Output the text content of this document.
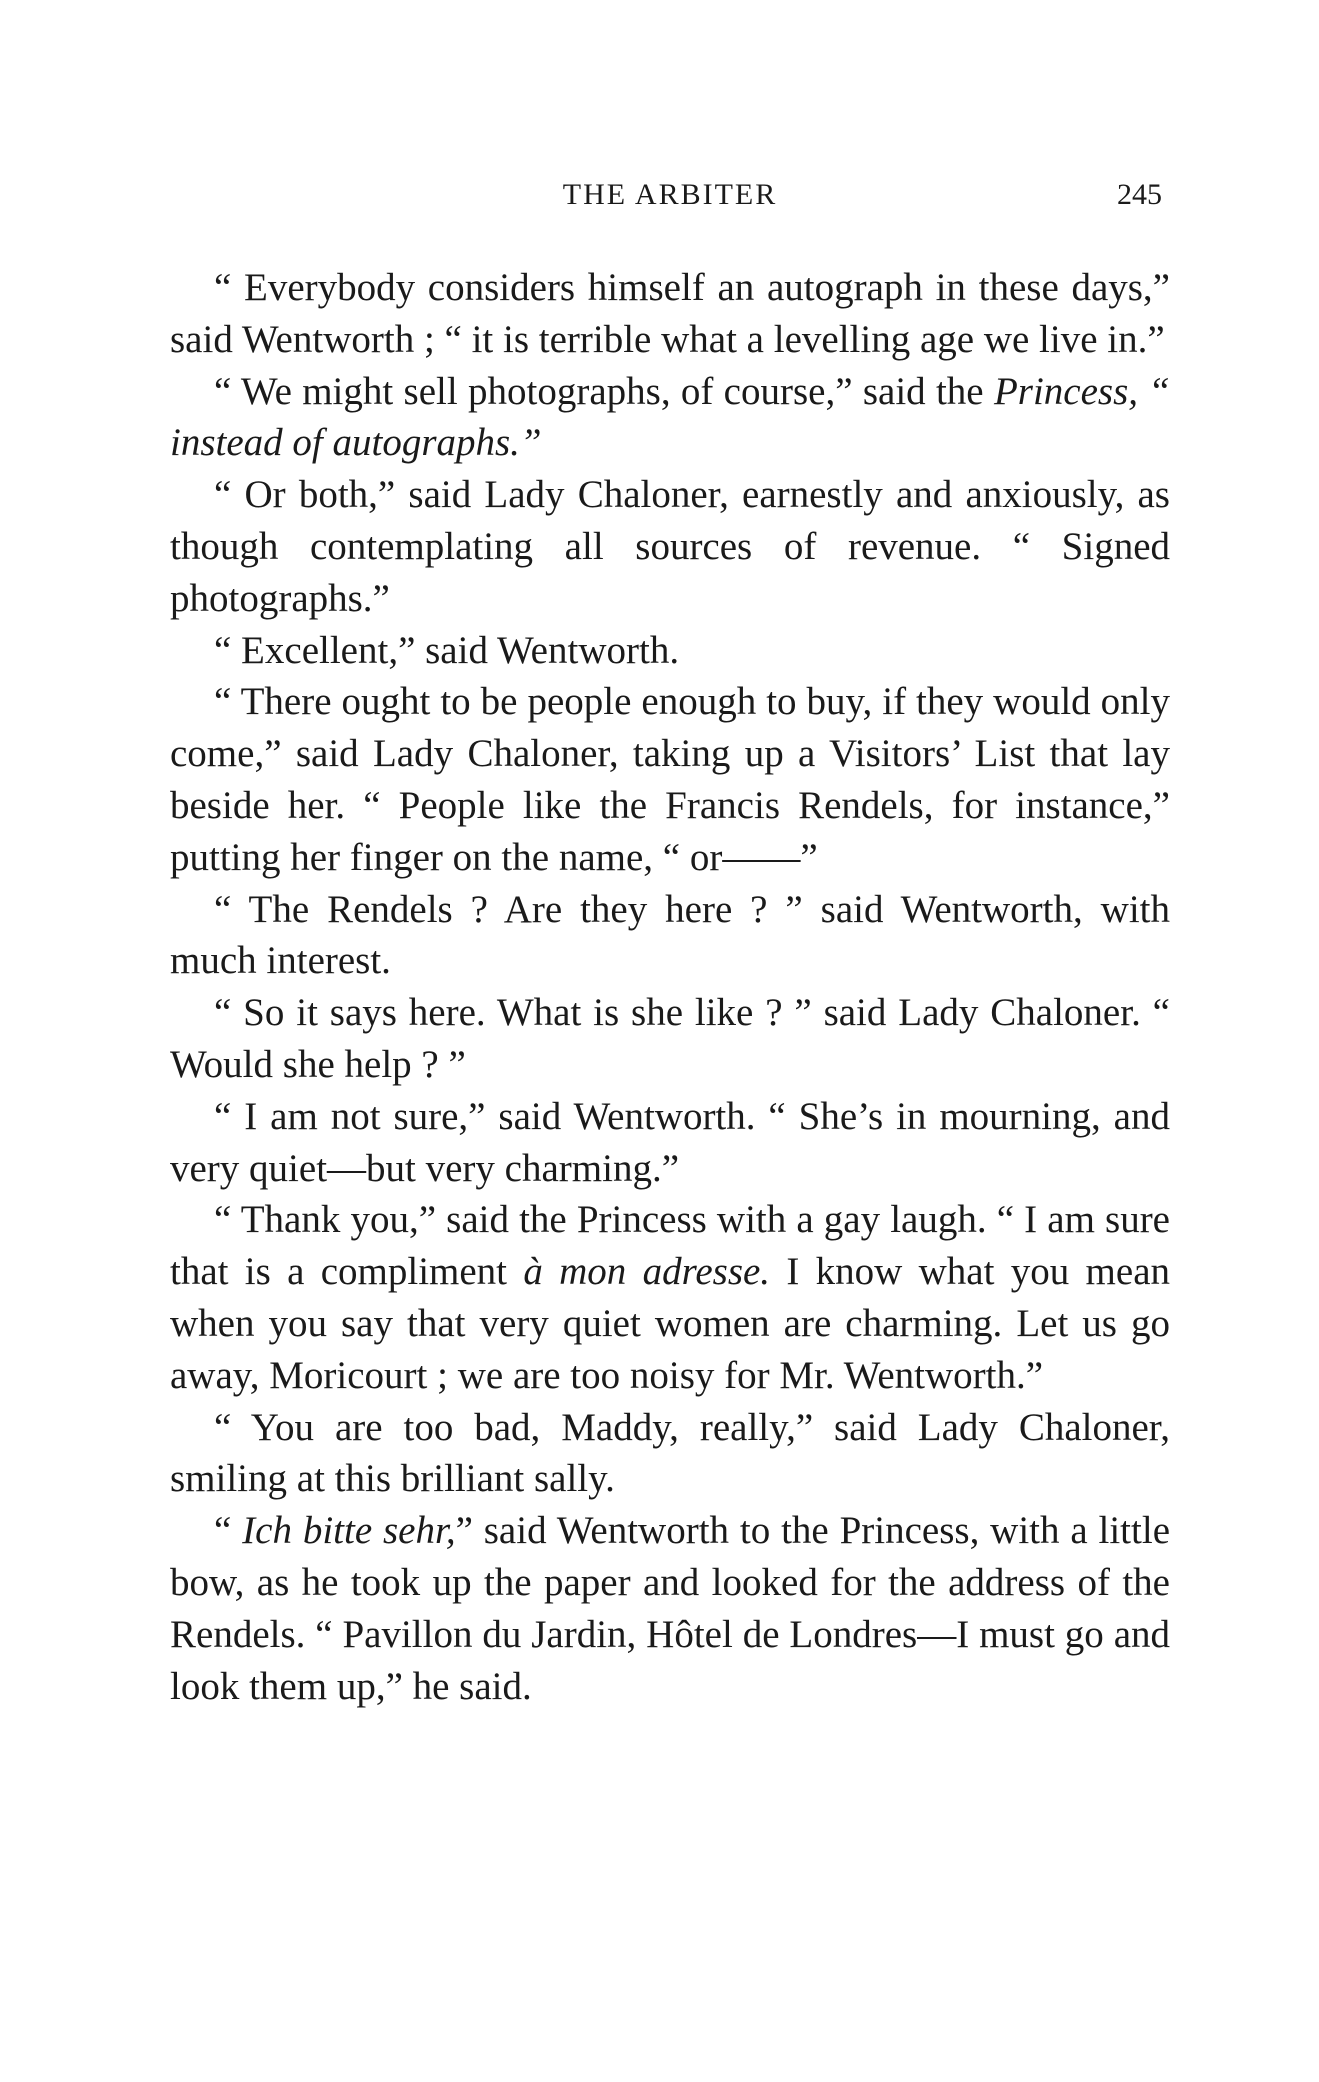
THE ARBITER	245

“ Everybody considers himself an autograph in these days,” said Wentworth ; “ it is terrible what a levelling age we live in.”

“ We might sell photographs, of course,” said the Princess, “ instead of autographs.”

“ Or both,” said Lady Chaloner, earnestly and anxiously, as though contemplating all sources of revenue. “ Signed photographs.”

“ Excellent,” said Wentworth.

“ There ought to be people enough to buy, if they would only come,” said Lady Chaloner, taking up a Visitors’ List that lay beside her. “ People like the Francis Rendels, for instance,” putting her finger on the name, “ or——”

“ The Rendels ? Are they here ? ” said Wentworth, with much interest.

“ So it says here. What is she like ? ” said Lady Chaloner. “ Would she help ? ”

“ I am not sure,” said Wentworth. “ She’s in mourning, and very quiet—but very charming.”

“ Thank you,” said the Princess with a gay laugh. “ I am sure that is a compliment à mon adresse. I know what you mean when you say that very quiet women are charming. Let us go away, Moricourt ; we are too noisy for Mr. Wentworth.”

“ You are too bad, Maddy, really,” said Lady Chaloner, smiling at this brilliant sally.

“ Ich bitte sehr,” said Wentworth to the Princess, with a little bow, as he took up the paper and looked for the address of the Rendels. “ Pavillon du Jardin, Hôtel de Londres—I must go and look them up,” he said.
